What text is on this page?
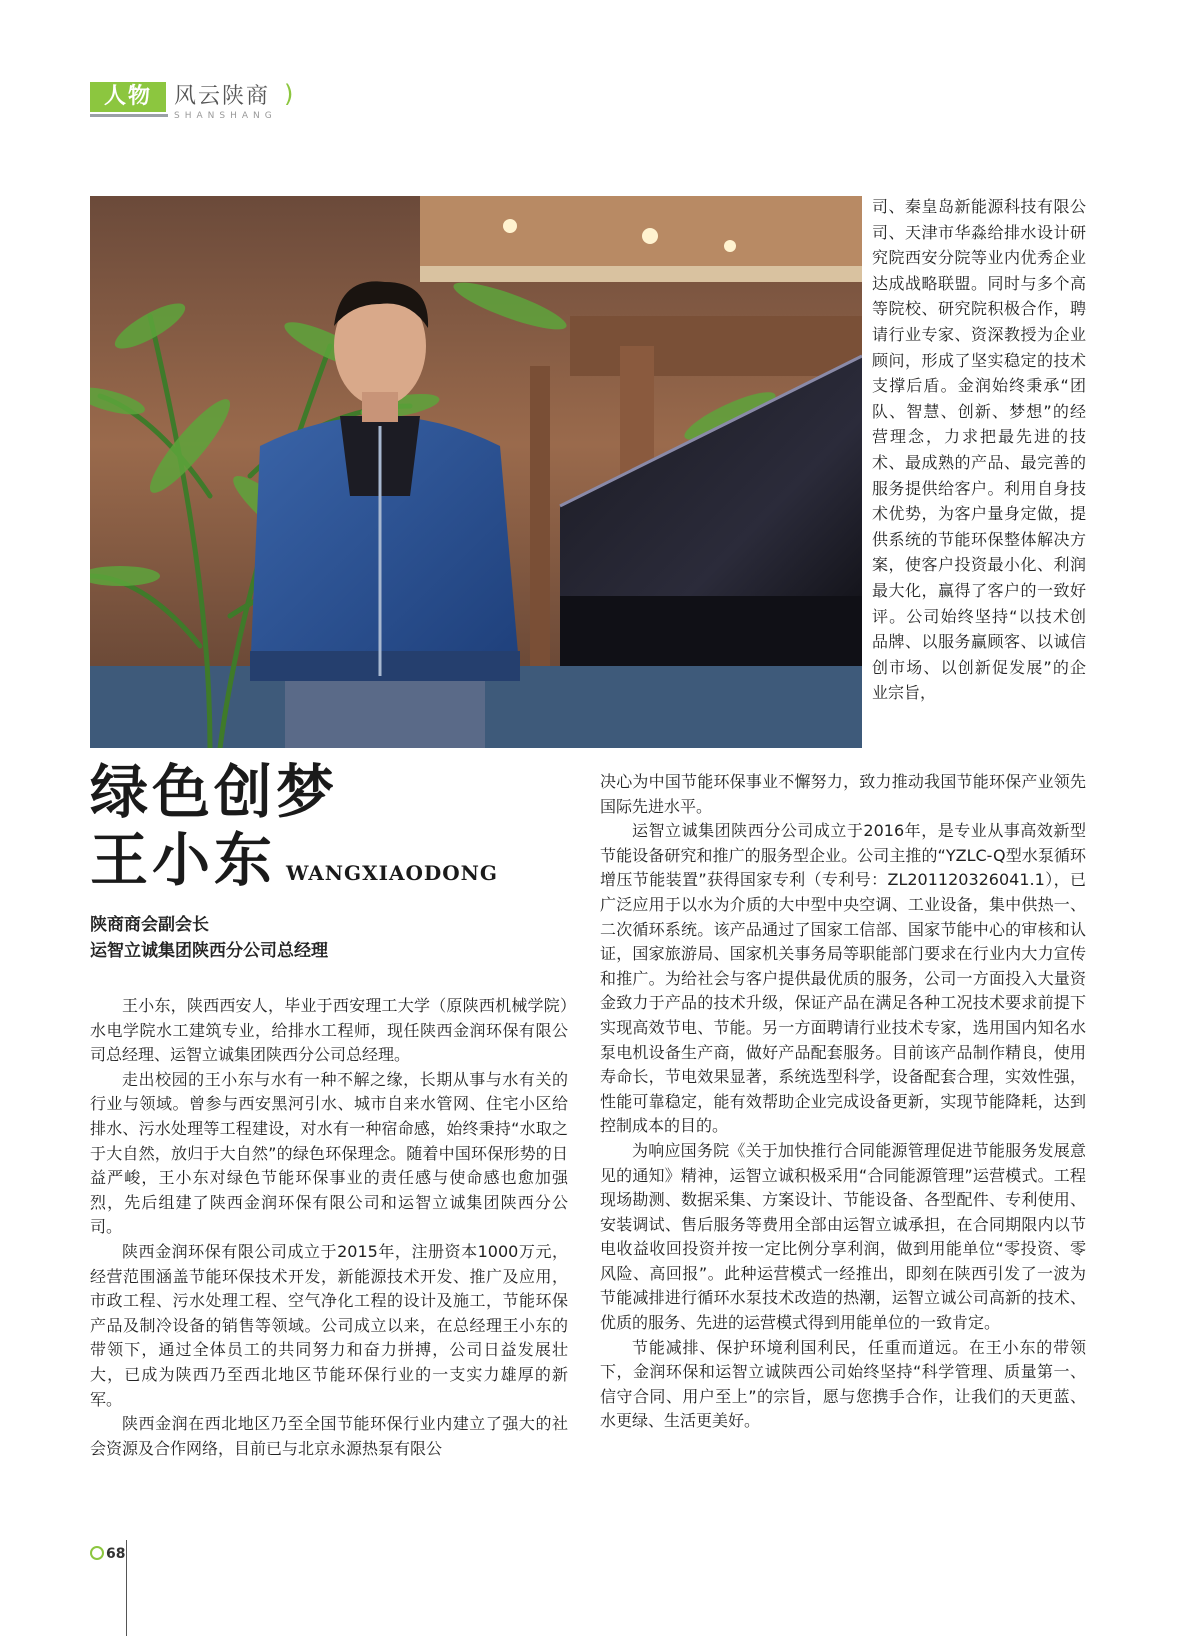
人物	风云陕商 )
SHANSHANG
绿色创梦
王小东 WANGXIAODONG
陕商商会副会长
运智立诚集团陕西分公司总经理
司、秦皇岛新能源科技有限公司、天津市华淼给排水设计研究院西安分院等业内优秀企业达成战略联盟。同时与多个高等院校、研究院积极合作，聘请行业专家、资深教授为企业顾问，形成了坚实稳定的技术支撑后盾。金润始终秉承“团队、智慧、创新、梦想”的经营理念，力求把最先进的技术、最成熟的产品、最完善的服务提供给客户。利用自身技术优势，为客户量身定做，提供系统的节能环保整体解决方案，使客户投资最小化、利润最大化，赢得了客户的一致好评。公司始终坚持“以技术创品牌、以服务赢顾客、以诚信创市场、以创新促发展”的企业宗旨，

王小东，陕西西安人，毕业于西安理工大学（原陕西机械学院）水电学院水工建筑专业，给排水工程师，现任陕西金润环保有限公司总经理、运智立诚集团陕西分公司总经理。

走出校园的王小东与水有一种不解之缘，长期从事与水有关的行业与领域。曾参与西安黑河引水、城市自来水管网、住宅小区给排水、污水处理等工程建设，对水有一种宿命感，始终秉持“水取之于大自然，放归于大自然”的绿色环保理念。随着中国环保形势的日益严峻，王小东对绿色节能环保事业的责任感与使命感也愈加强烈，先后组建了陕西金润环保有限公司和运智立诚集团陕西分公司。

陕西金润环保有限公司成立于2015年，注册资本1000万元，经营范围涵盖节能环保技术开发，新能源技术开发、推广及应用，市政工程、污水处理工程、空气净化工程的设计及施工，节能环保产品及制冷设备的销售等领域。公司成立以来，在总经理王小东的带领下，通过全体员工的共同努力和奋力拼搏，公司日益发展壮大，已成为陕西乃至西北地区节能环保行业的一支实力雄厚的新军。

陕西金润在西北地区乃至全国节能环保行业内建立了强大的社会资源及合作网络，目前已与北京永源热泵有限公

决心为中国节能环保事业不懈努力，致力推动我国节能环保产业领先国际先进水平。

运智立诚集团陕西分公司成立于2016年，是专业从事高效新型节能设备研究和推广的服务型企业。公司主推的“YZLC-Q型水泵循环增压节能装置”获得国家专利（专利号：ZL201120326041.1），已广泛应用于以水为介质的大中型中央空调、工业设备，集中供热一、二次循环系统。该产品通过了国家工信部、国家节能中心的审核和认证，国家旅游局、国家机关事务局等职能部门要求在行业内大力宣传和推广。为给社会与客户提供最优质的服务，公司一方面投入大量资金致力于产品的技术升级，保证产品在满足各种工况技术要求前提下实现高效节电、节能。另一方面聘请行业技术专家，选用国内知名水泵电机设备生产商，做好产品配套服务。目前该产品制作精良，使用寿命长，节电效果显著，系统选型科学，设备配套合理，实效性强，性能可靠稳定，能有效帮助企业完成设备更新，实现节能降耗，达到控制成本的目的。

为响应国务院《关于加快推行合同能源管理促进节能服务发展意见的通知》精神，运智立诚积极采用“合同能源管理”运营模式。工程现场勘测、数据采集、方案设计、节能设备、各型配件、专利使用、安装调试、售后服务等费用全部由运智立诚承担，在合同期限内以节电收益收回投资并按一定比例分享利润，做到用能单位“零投资、零风险、高回报”。此种运营模式一经推出，即刻在陕西引发了一波为节能减排进行循环水泵技术改造的热潮，运智立诚公司高新的技术、优质的服务、先进的运营模式得到用能单位的一致肯定。

节能减排、保护环境利国利民，任重而道远。在王小东的带领下，金润环保和运智立诚陕西公司始终坚持“科学管理、质量第一、信守合同、用户至上”的宗旨，愿与您携手合作，让我们的天更蓝、水更绿、生活更美好。

68
